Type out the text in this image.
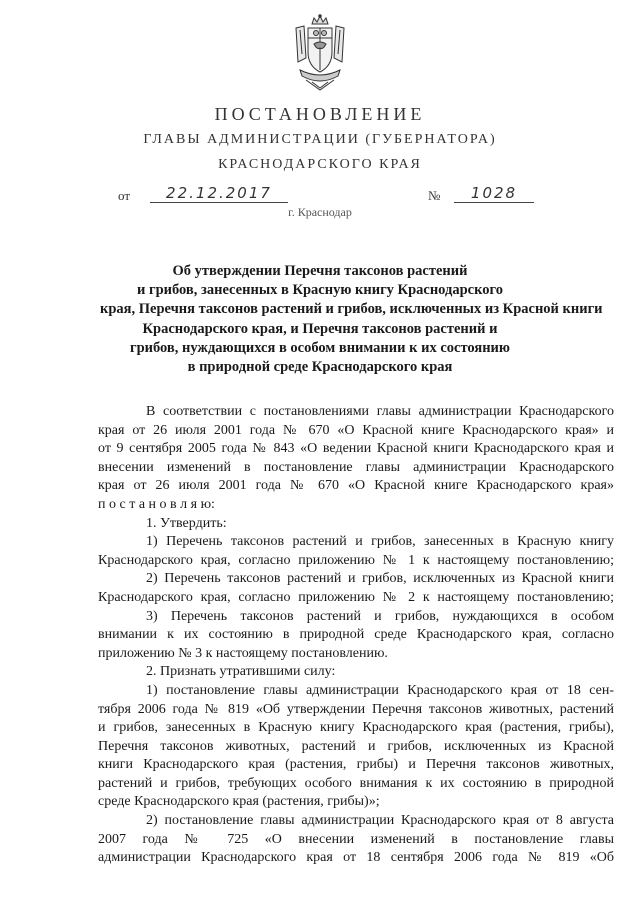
ПОСТАНОВЛЕНИЕ
ГЛАВЫ АДМИНИСТРАЦИИ (ГУБЕРНАТОРА)
КРАСНОДАРСКОГО КРАЯ
от	22.12.2017	№	1028
г. Краснодар
Об утверждении Перечня таксонов растений
и грибов, занесенных в Красную книгу Краснодарского
края, Перечня таксонов растений и грибов, исключенных из Красной книги
Краснодарского края, и Перечня таксонов растений и
грибов, нуждающихся в особом внимании к их состоянию
в природной среде Краснодарского края
В соответствии с постановлениями главы администрации Краснодарского
края от 26 июля 2001 года № 670 «О Красной книге Краснодарского края» и
от 9 сентября 2005 года № 843 «О ведении Красной книги Краснодарского края и
внесении изменений в постановление главы администрации Краснодарского
края от 26 июля 2001 года № 670 «О Красной книге Краснодарского края»
п о с т а н о в л я ю:
1. Утвердить:
1) Перечень таксонов растений и грибов, занесенных в Красную книгу
Краснодарского края, согласно приложению № 1 к настоящему постановлению;
2) Перечень таксонов растений и грибов, исключенных из Красной книги
Краснодарского края, согласно приложению № 2 к настоящему постановлению;
3) Перечень таксонов растений и грибов, нуждающихся в особом
внимании к их состоянию в природной среде Краснодарского края, согласно
приложению № 3 к настоящему постановлению.
2. Признать утратившими силу:
1) постановление главы администрации Краснодарского края от 18 сен-
тября 2006 года № 819 «Об утверждении Перечня таксонов животных, растений
и грибов, занесенных в Красную книгу Краснодарского края (растения, грибы),
Перечня таксонов животных, растений и грибов, исключенных из Красной
книги Краснодарского края (растения, грибы) и Перечня таксонов животных,
растений и грибов, требующих особого внимания к их состоянию в природной
среде Краснодарского края (растения, грибы)»;
2) постановление главы администрации Краснодарского края от 8 августа
2007 года № 725 «О внесении изменений в постановление главы
администрации Краснодарского края от 18 сентября 2006 года № 819 «Об
